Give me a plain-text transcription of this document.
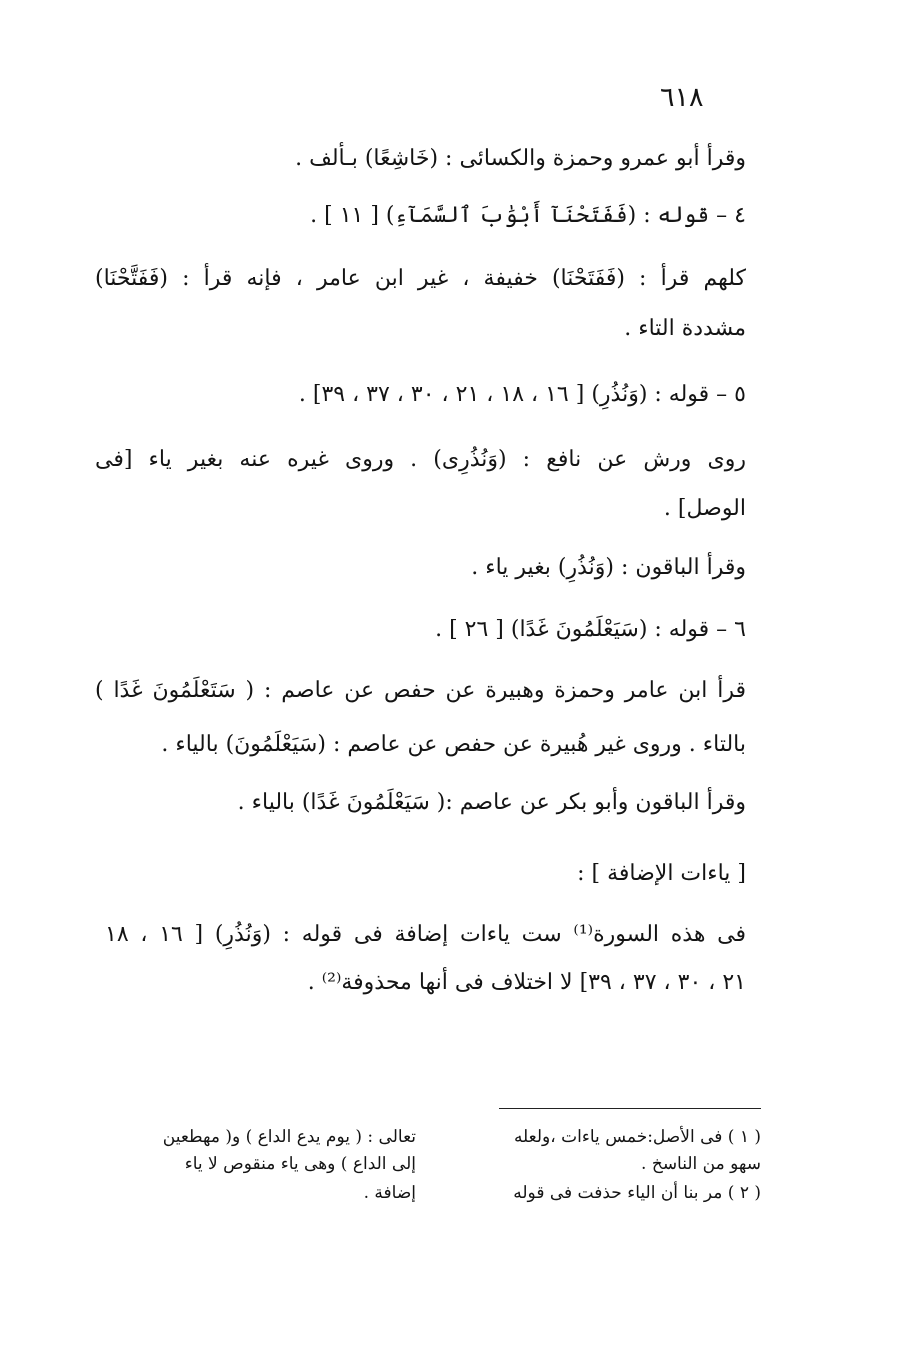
٦١٨
وقرأ أبو عمرو وحمزة والكسائى : (خَاشِعًا) بـألف .
٤ – قوله : (فَفَتَحْنَآ أَبْوَٰبَ ٱلسَّمَآءِ) [ ١١ ] .
كلهم قرأ : (فَفَتَحْنَا) خفيفة ، غير ابن عامر ، فإنه قرأ : (فَفَتَّحْنَا)
مشددة التاء .
٥ – قوله : (وَنُذُرِ) [ ١٦ ، ١٨ ، ٢١ ، ٣٠ ، ٣٧ ، ٣٩] .
روى ورش عن نافع : (وَنُذُرِى) . وروى غيره عنه بغير ياء [فى
الوصل] .
وقرأ الباقون : (وَنُذُرِ) بغير ياء .
٦ – قوله : (سَيَعْلَمُونَ غَدًا) [ ٢٦ ] .
قرأ ابن عامر وحمزة وهبيرة عن حفص عن عاصم : ( سَتَعْلَمُونَ غَدًا )
بالتاء . وروى غير هُبيرة عن حفص عن عاصم : (سَيَعْلَمُونَ) بالياء .
وقرأ الباقون وأبو بكر عن عاصم :( سَيَعْلَمُونَ غَدًا) بالياء .
[ ياءات الإضافة ] :
فى هذه السورة⁽¹⁾ ست ياءات إضافة فى قوله : (وَنُذُرِ) [ ١٦ ، ١٨
٢١ ، ٣٠ ، ٣٧ ، ٣٩] لا اختلاف فى أنها محذوفة⁽²⁾ .
( ١ ) فى الأصل:خمس ياءات ،ولعله
سهو من الناسخ .
( ٢ ) مر بنا أن الياء حذفت فى قوله
تعالى : ( يوم يدع الداع ) و( مهطعين
إلى الداع ) وهى ياء منقوص لا ياء
إضافة .
